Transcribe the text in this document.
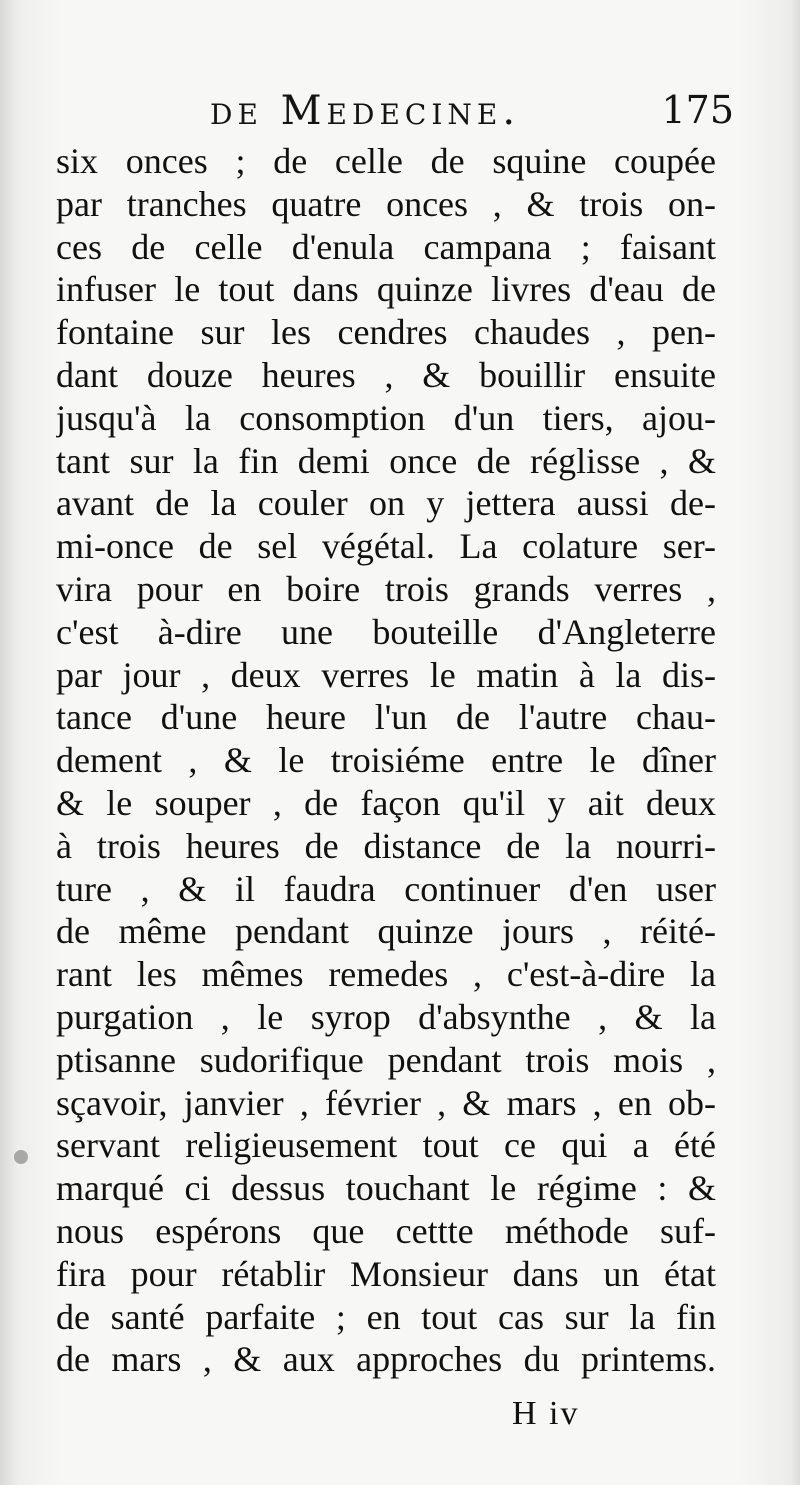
de Medecine.	175
six onces ; de celle de squine coupée
par tranches quatre onces , & trois on-
ces de celle d'enula campana ; faisant
infuser le tout dans quinze livres d'eau de
fontaine sur les cendres chaudes , pen-
dant douze heures , & bouillir ensuite
jusqu'à la consomption d'un tiers, ajou-
tant sur la fin demi once de réglisse , &
avant de la couler on y jettera aussi de-
mi-once de sel végétal. La colature ser-
vira pour en boire trois grands verres ,
c'est à-dire une bouteille d'Angleterre
par jour , deux verres le matin à la dis-
tance d'une heure l'un de l'autre chau-
dement , & le troisiéme entre le dîner
& le souper , de façon qu'il y ait deux
à trois heures de distance de la nourri-
ture , & il faudra continuer d'en user
de même pendant quinze jours , réité-
rant les mêmes remedes , c'est-à-dire la
purgation , le syrop d'absynthe , & la
ptisanne sudorifique pendant trois mois ,
sçavoir, janvier , février , & mars , en ob-
servant religieusement tout ce qui a été
marqué ci dessus touchant le régime : &
nous espérons que cettte méthode suf-
fira pour rétablir Monsieur dans un état
de santé parfaite ; en tout cas sur la fin
de mars , & aux approches du printems.
H iv
